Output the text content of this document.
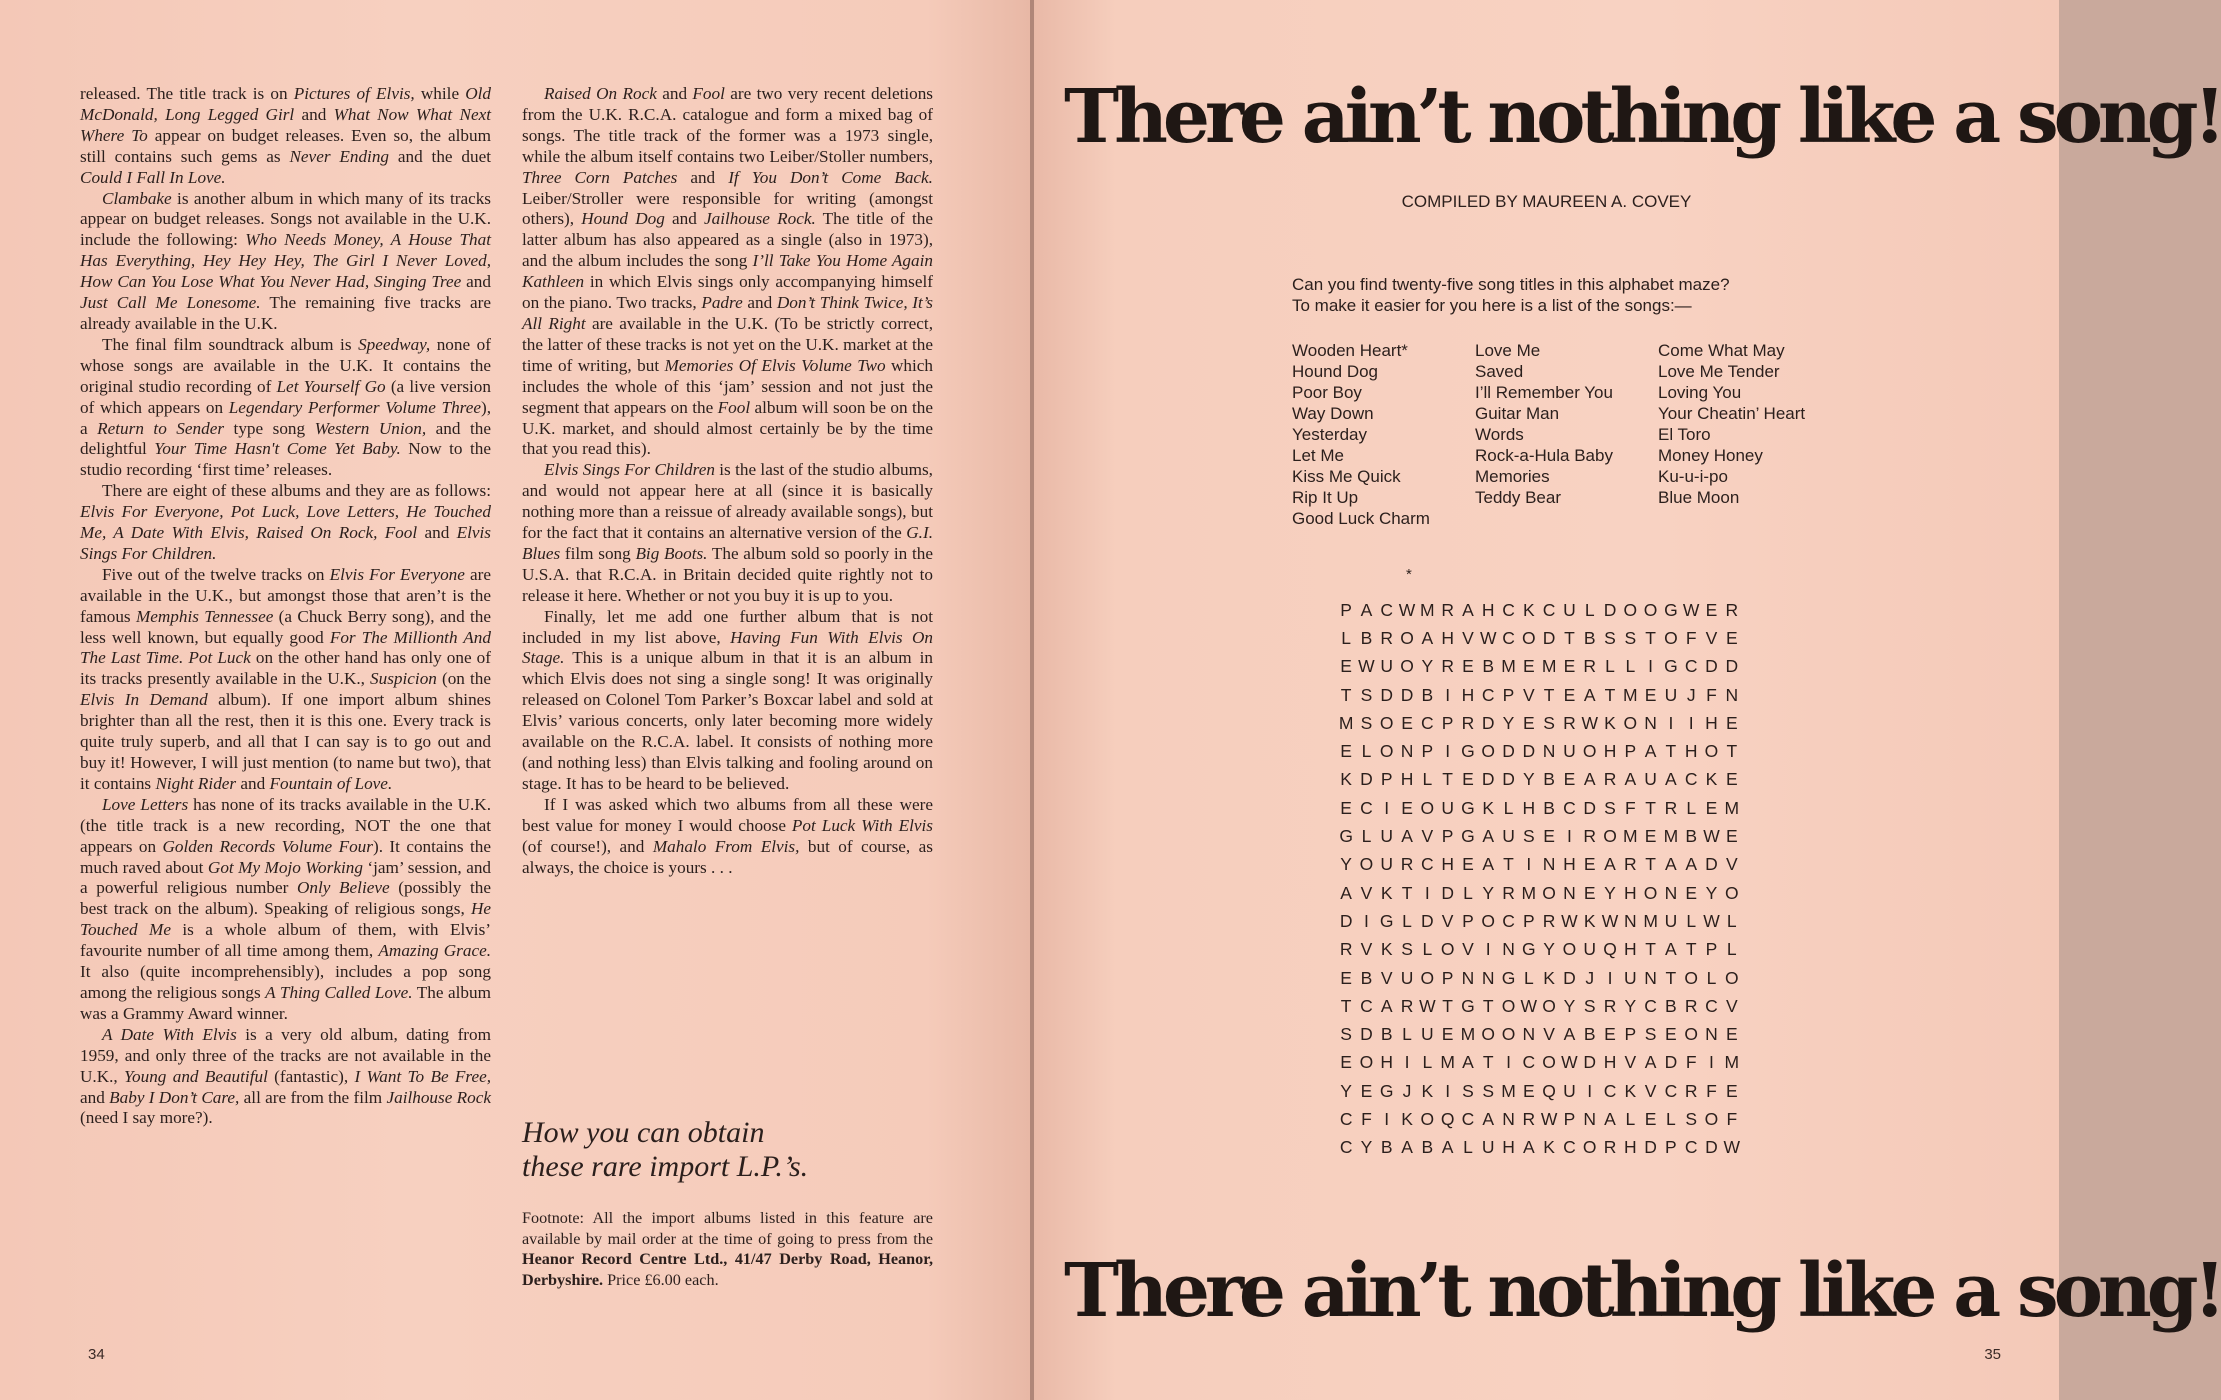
released. The title track is on Pictures of Elvis, while Old McDonald, Long Legged Girl and What Now What Next Where To appear on budget releases. Even so, the album still contains such gems as Never Ending and the duet Could I Fall In Love.

Clambake is another album in which many of its tracks appear on budget releases. Songs not available in the U.K. include the following: Who Needs Money, A House That Has Everything, Hey Hey Hey, The Girl I Never Loved, How Can You Lose What You Never Had, Singing Tree and Just Call Me Lonesome. The remaining five tracks are already available in the U.K.

The final film soundtrack album is Speedway, none of whose songs are available in the U.K. It contains the original studio recording of Let Yourself Go (a live version of which appears on Legendary Performer Volume Three), a Return to Sender type song Western Union, and the delightful Your Time Hasn't Come Yet Baby. Now to the studio recording ‘first time’ releases.

There are eight of these albums and they are as follows: Elvis For Everyone, Pot Luck, Love Letters, He Touched Me, A Date With Elvis, Raised On Rock, Fool and Elvis Sings For Children.

Five out of the twelve tracks on Elvis For Everyone are available in the U.K., but amongst those that aren’t is the famous Memphis Tennessee (a Chuck Berry song), and the less well known, but equally good For The Millionth And The Last Time. Pot Luck on the other hand has only one of its tracks presently available in the U.K., Suspicion (on the Elvis In Demand album). If one import album shines brighter than all the rest, then it is this one. Every track is quite truly superb, and all that I can say is to go out and buy it! However, I will just mention (to name but two), that it contains Night Rider and Fountain of Love.

Love Letters has none of its tracks available in the U.K. (the title track is a new recording, NOT the one that appears on Golden Records Volume Four). It contains the much raved about Got My Mojo Working ‘jam’ session, and a powerful religious number Only Believe (possibly the best track on the album). Speaking of religious songs, He Touched Me is a whole album of them, with Elvis’ favourite number of all time among them, Amazing Grace. It also (quite incomprehensibly), includes a pop song among the religious songs A Thing Called Love. The album was a Grammy Award winner.

A Date With Elvis is a very old album, dating from 1959, and only three of the tracks are not available in the U.K., Young and Beautiful (fantastic), I Want To Be Free, and Baby I Don’t Care, all are from the film Jailhouse Rock (need I say more?).

Raised On Rock and Fool are two very recent deletions from the U.K. R.C.A. catalogue and form a mixed bag of songs. The title track of the former was a 1973 single, while the album itself contains two Leiber/Stoller numbers, Three Corn Patches and If You Don’t Come Back. Leiber/Stroller were responsible for writing (amongst others), Hound Dog and Jailhouse Rock. The title of the latter album has also appeared as a single (also in 1973), and the album includes the song I’ll Take You Home Again Kathleen in which Elvis sings only accompanying himself on the piano. Two tracks, Padre and Don’t Think Twice, It’s All Right are available in the U.K. (To be strictly correct, the latter of these tracks is not yet on the U.K. market at the time of writing, but Memories Of Elvis Volume Two which includes the whole of this ‘jam’ session and not just the segment that appears on the Fool album will soon be on the U.K. market, and should almost certainly be by the time that you read this).

Elvis Sings For Children is the last of the studio albums, and would not appear here at all (since it is basically nothing more than a reissue of already available songs), but for the fact that it contains an alternative version of the G.I. Blues film song Big Boots. The album sold so poorly in the U.S.A. that R.C.A. in Britain decided quite rightly not to release it here. Whether or not you buy it is up to you.

Finally, let me add one further album that is not included in my list above, Having Fun With Elvis On Stage. This is a unique album in that it is an album in which Elvis does not sing a single song! It was originally released on Colonel Tom Parker’s Boxcar label and sold at Elvis’ various concerts, only later becoming more widely available on the R.C.A. label. It consists of nothing more (and nothing less) than Elvis talking and fooling around on stage. It has to be heard to be believed.

If I was asked which two albums from all these were best value for money I would choose Pot Luck With Elvis (of course!), and Mahalo From Elvis, but of course, as always, the choice is yours . . .

How you can obtain
these rare import L.P.’s.
Footnote: All the import albums listed in this feature are available by mail order at the time of going to press from the Heanor Record Centre Ltd., 41/47 Derby Road, Heanor, Derbyshire. Price £6.00 each.
34
There ain’t nothing like a song!
COMPILED BY MAUREEN A. COVEY
Can you find twenty-five song titles in this alphabet maze?
To make it easier for you here is a list of the songs:—
Wooden Heart*
Hound Dog
Poor Boy
Way Down
Yesterday
Let Me
Kiss Me Quick
Rip It Up
Good Luck Charm
Love Me
Saved
I’ll Remember You
Guitar Man
Words
Rock-a-Hula Baby
Memories
Teddy Bear
Come What May
Love Me Tender
Loving You
Your Cheatin’ Heart
El Toro
Money Honey
Ku-u-i-po
Blue Moon
*
P A C W M R A H C K C U L D O O G W E R
L B R O A H V W C O D T B S S T O F V E
E W U O Y R E B M E M E R L L I G C D D
T S D D B I H C P V T E A T M E U J F N
M S O E C P R D Y E S R W K O N I I H E
E L O N P I G O D D N U O H P A T H O T
K D P H L T E D D Y B E A R A U A C K E
E C I E O U G K L H B C D S F T R L E M
G L U A V P G A U S E I R O M E M B W E
Y O U R C H E A T I N H E A R T A A D V
A V K T I D L Y R M O N E Y H O N E Y O
D I G L D V P O C P R W K W N M U L W L
R V K S L O V I N G Y O U Q H T A T P L
E B V U O P N N G L K D J I U N T O L O
T C A R W T G T O W O Y S R Y C B R C V
S D B L U E M O O N V A B E P S E O N E
E O H I L M A T I C O W D H V A D F I M
Y E G J K I S S M E Q U I C K V C R F E
C F I K O Q C A N R W P N A L E L S O F
C Y B A B A L U H A K C O R H D P C D W
There ain’t nothing like a song!
35
